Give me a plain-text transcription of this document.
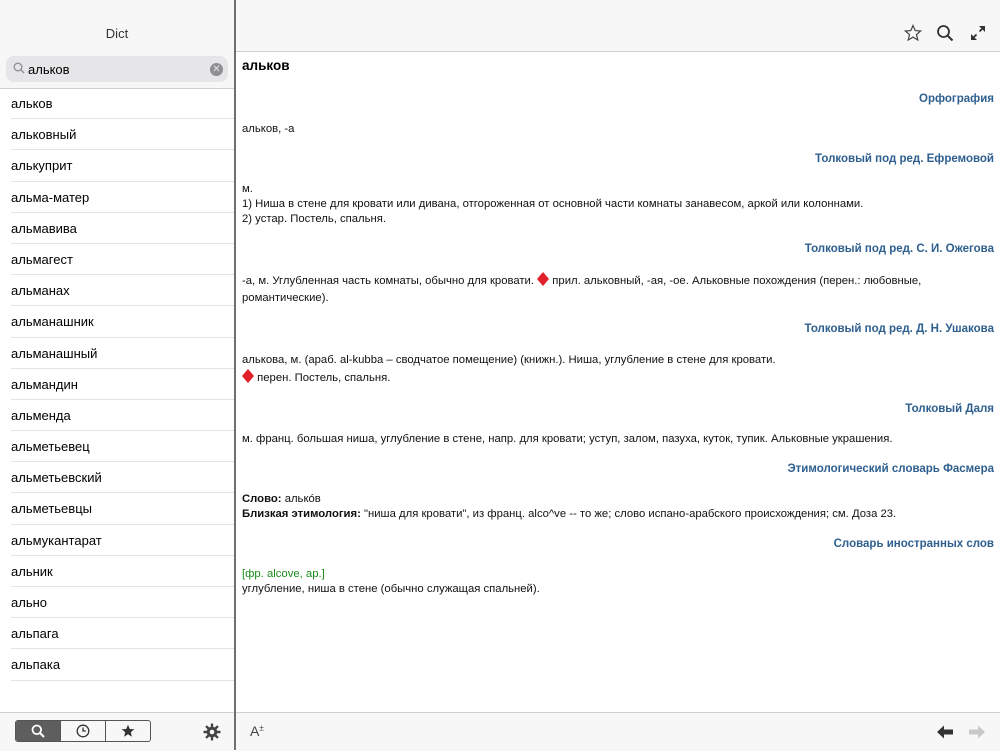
Dict
альков
✕
альков
альковный
алькуприт
альма-матер
альмавива
альмагест
альманах
альманашник
альманашный
альмандин
альменда
альметьевец
альметьевский
альметьевцы
альмукантарат
альник
ально
альпага
альпака

альков

Орфография

альков, -а

Толковый под ред. Ефремовой

м.

1) Ниша в стене для кровати или дивана, отгороженная от основной части комнаты занавесом, аркой или колоннами.

2) устар. Постель, спальня.

Толковый под ред. С. И. Ожегова

-а, м. Углубленная часть комнаты, обычно для кровати. прил. альковный, -ая, -ое. Альковные похождения (перен.: любовные, романтические).

Толковый под ред. Д. Н. Ушакова

алькова, м. (араб. al-kubba – сводчатое помещение) (книжн.). Ниша, углубление в стене для кровати.

перен. Постель, спальня.

Толковый Даля

м. франц. большая ниша, углубление в стене, напр. для кровати; уступ, залом, пазуха, куток, тупик. Альковные украшения.

Этимологический словарь Фасмера

Слово: алько́в

Близкая этимология: "ниша для кровати", из франц. alco^ve -- то же; слово испано-арабского происхождения; см. Доза 23.

Словарь иностранных слов

[фр. alcove, ар.]

углубление, ниша в стене (обычно служащая спальней).

A±
